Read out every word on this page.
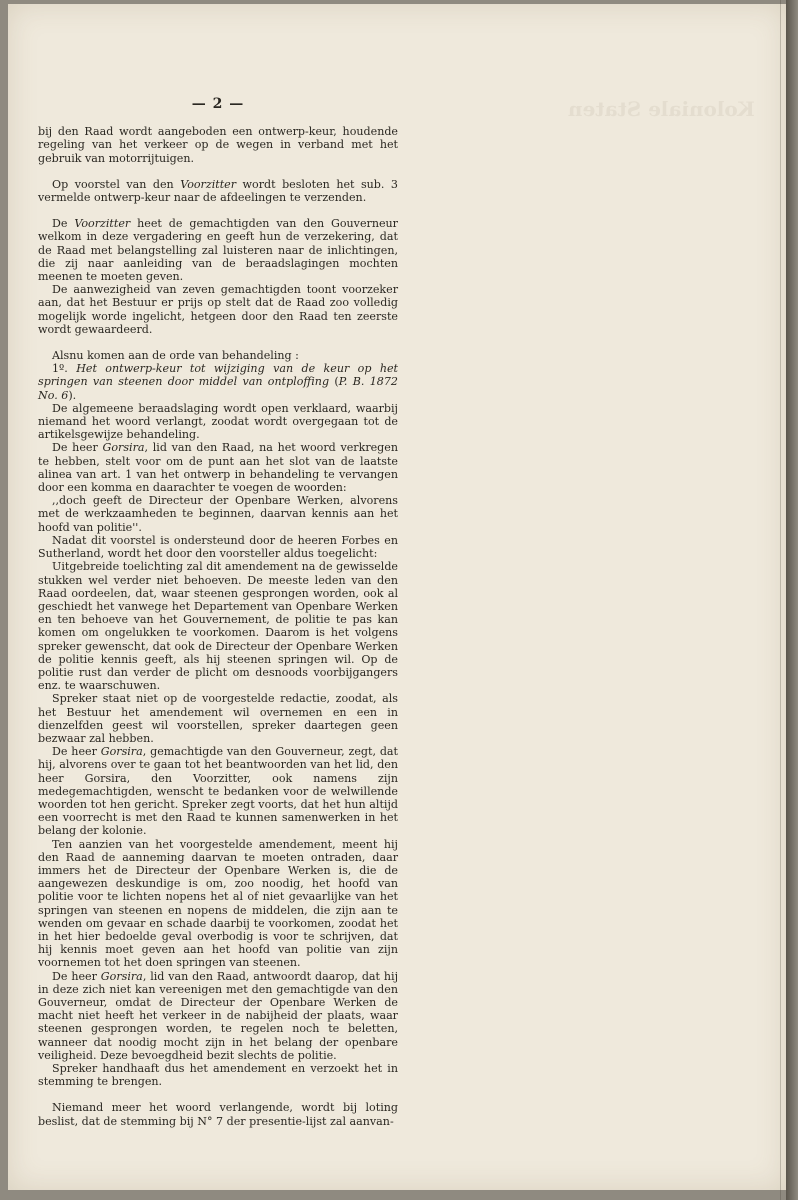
Koloniale Staten
— 2 —

bij den Raad wordt aangeboden een ontwerp-keur, houdende regeling van het verkeer op de wegen in verband met het gebruik van motorrijtuigen.

Op voorstel van den Voorzitter wordt besloten het sub. 3 vermelde ontwerp-keur naar de afdeelingen te verzenden.

De Voorzitter heet de gemachtigden van den Gouverneur welkom in deze vergadering en geeft hun de verzekering, dat de Raad met belangstelling zal luisteren naar de inlichtingen, die zij naar aanleiding van de beraadslagingen mochten meenen te moeten geven.

De aanwezigheid van zeven gemachtigden toont voorzeker aan, dat het Bestuur er prijs op stelt dat de Raad zoo volledig mogelijk worde ingelicht, hetgeen door den Raad ten zeerste wordt gewaardeerd.

Alsnu komen aan de orde van behandeling :

1º. Het ontwerp-keur tot wijziging van de keur op het springen van steenen door middel van ontploffing (P. B. 1872 No. 6).

De algemeene beraadslaging wordt open verklaard, waarbij niemand het woord verlangt, zoodat wordt overgegaan tot de artikelsgewijze behandeling.

De heer Gorsira, lid van den Raad, na het woord verkregen te hebben, stelt voor om de punt aan het slot van de laatste alinea van art. 1 van het ontwerp in behandeling te vervangen door een komma en daarachter te voegen de woorden:

,,doch geeft de Directeur der Openbare Werken, alvorens met de werkzaamheden te beginnen, daarvan kennis aan het hoofd van politie''.

Nadat dit voorstel is ondersteund door de heeren Forbes en Sutherland, wordt het door den voorsteller aldus toegelicht:

Uitgebreide toelichting zal dit amendement na de gewisselde stukken wel verder niet behoeven. De meeste leden van den Raad oordeelen, dat, waar steenen gesprongen worden, ook al geschiedt het vanwege het Departement van Openbare Werken en ten behoeve van het Gouvernement, de politie te pas kan komen om ongelukken te voorkomen. Daarom is het volgens spreker gewenscht, dat ook de Directeur der Openbare Werken de politie kennis geeft, als hij steenen springen wil. Op de politie rust dan verder de plicht om desnoods voorbijgangers enz. te waarschuwen.

Spreker staat niet op de voorgestelde redactie, zoodat, als het Bestuur het amendement wil overnemen en een in dienzelfden geest wil voorstellen, spreker daartegen geen bezwaar zal hebben.

De heer Gorsira, gemachtigde van den Gouverneur, zegt, dat hij, alvorens over te gaan tot het beantwoorden van het lid, den heer Gorsira, den Voorzitter, ook namens zijn medegemachtigden, wenscht te bedanken voor de welwillende woorden tot hen gericht. Spreker zegt voorts, dat het hun altijd een voorrecht is met den Raad te kunnen samenwerken in het belang der kolonie.

Ten aanzien van het voorgestelde amendement, meent hij den Raad de aanneming daarvan te moeten ontraden, daar immers het de Directeur der Openbare Werken is, die de aangewezen deskundige is om, zoo noodig, het hoofd van politie voor te lichten nopens het al of niet gevaarlijke van het springen van steenen en nopens de middelen, die zijn aan te wenden om gevaar en schade daarbij te voorkomen, zoodat het in het hier bedoelde geval overbodig is voor te schrijven, dat hij kennis moet geven aan het hoofd van politie van zijn voornemen tot het doen springen van steenen.

De heer Gorsira, lid van den Raad, antwoordt daarop, dat hij in deze zich niet kan vereenigen met den gemachtigde van den Gouverneur, omdat de Directeur der Openbare Werken de macht niet heeft het verkeer in de nabijheid der plaats, waar steenen gesprongen worden, te regelen noch te beletten, wanneer dat noodig mocht zijn in het belang der openbare veiligheid. Deze bevoegdheid bezit slechts de politie.

Spreker handhaaft dus het amendement en verzoekt het in stemming te brengen.

Niemand meer het woord verlangende, wordt bij loting beslist, dat de stemming bij N° 7 der presentie-lijst zal aanvan-
